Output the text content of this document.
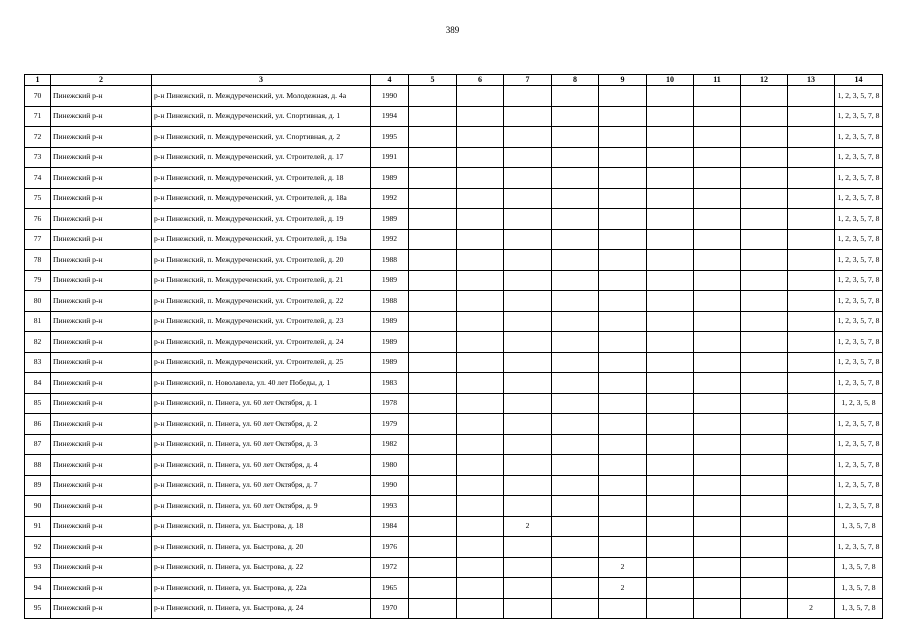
389
1	2	3	4	5	6	7	8	9	10	11	12	13	14
70	Пинежский р-н	р-н Пинежский, п. Междуреченский, ул. Молодежная, д. 4а	1990										1, 2, 3, 5, 7, 8
71	Пинежский р-н	р-н Пинежский, п. Междуреченский, ул. Спортивная, д. 1	1994										1, 2, 3, 5, 7, 8
72	Пинежский р-н	р-н Пинежский, п. Междуреченский, ул. Спортивная, д. 2	1995										1, 2, 3, 5, 7, 8
73	Пинежский р-н	р-н Пинежский, п. Междуреченский, ул. Строителей, д. 17	1991										1, 2, 3, 5, 7, 8
74	Пинежский р-н	р-н Пинежский, п. Междуреченский, ул. Строителей, д. 18	1989										1, 2, 3, 5, 7, 8
75	Пинежский р-н	р-н Пинежский, п. Междуреченский, ул. Строителей, д. 18а	1992										1, 2, 3, 5, 7, 8
76	Пинежский р-н	р-н Пинежский, п. Междуреченский, ул. Строителей, д. 19	1989										1, 2, 3, 5, 7, 8
77	Пинежский р-н	р-н Пинежский, п. Междуреченский, ул. Строителей, д. 19а	1992										1, 2, 3, 5, 7, 8
78	Пинежский р-н	р-н Пинежский, п. Междуреченский, ул. Строителей, д. 20	1988										1, 2, 3, 5, 7, 8
79	Пинежский р-н	р-н Пинежский, п. Междуреченский, ул. Строителей, д. 21	1989										1, 2, 3, 5, 7, 8
80	Пинежский р-н	р-н Пинежский, п. Междуреченский, ул. Строителей, д. 22	1988										1, 2, 3, 5, 7, 8
81	Пинежский р-н	р-н Пинежский, п. Междуреченский, ул. Строителей, д. 23	1989										1, 2, 3, 5, 7, 8
82	Пинежский р-н	р-н Пинежский, п. Междуреченский, ул. Строителей, д. 24	1989										1, 2, 3, 5, 7, 8
83	Пинежский р-н	р-н Пинежский, п. Междуреченский, ул. Строителей, д. 25	1989										1, 2, 3, 5, 7, 8
84	Пинежский р-н	р-н Пинежский, п. Новолавела, ул. 40 лет Победы, д. 1	1983										1, 2, 3, 5, 7, 8
85	Пинежский р-н	р-н Пинежский, п. Пинега, ул. 60 лет Октября, д. 1	1978										1, 2, 3, 5, 8
86	Пинежский р-н	р-н Пинежский, п. Пинега, ул. 60 лет Октября, д. 2	1979										1, 2, 3, 5, 7, 8
87	Пинежский р-н	р-н Пинежский, п. Пинега, ул. 60 лет Октября, д. 3	1982										1, 2, 3, 5, 7, 8
88	Пинежский р-н	р-н Пинежский, п. Пинега, ул. 60 лет Октября, д. 4	1980										1, 2, 3, 5, 7, 8
89	Пинежский р-н	р-н Пинежский, п. Пинега, ул. 60 лет Октября, д. 7	1990										1, 2, 3, 5, 7, 8
90	Пинежский р-н	р-н Пинежский, п. Пинега, ул. 60 лет Октября, д. 9	1993										1, 2, 3, 5, 7, 8
91	Пинежский р-н	р-н Пинежский, п. Пинега, ул. Быстрова, д. 18	1984			2							1, 3, 5, 7, 8
92	Пинежский р-н	р-н Пинежский, п. Пинега, ул. Быстрова, д. 20	1976										1, 2, 3, 5, 7, 8
93	Пинежский р-н	р-н Пинежский, п. Пинега, ул. Быстрова, д. 22	1972					2					1, 3, 5, 7, 8
94	Пинежский р-н	р-н Пинежский, п. Пинега, ул. Быстрова, д. 22а	1965					2					1, 3, 5, 7, 8
95	Пинежский р-н	р-н Пинежский, п. Пинега, ул. Быстрова, д. 24	1970									2	1, 3, 5, 7, 8
